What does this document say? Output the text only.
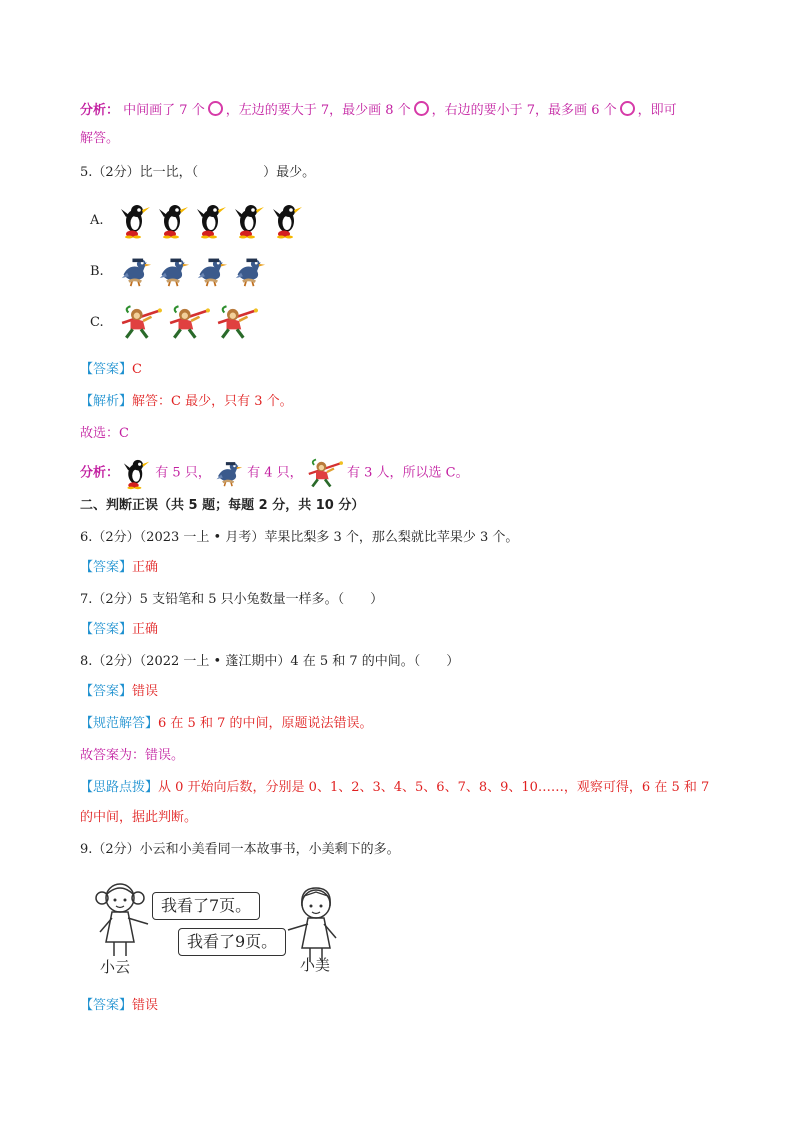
分析： 中间画了 7 个 ，左边的要大于 7，最少画 8 个 ，右边的要小于 7，最多画 6 个 ，即可
解答。
5.（2分）比一比，（　　　　　）最少。
A.
B.
C.
【答案】C
【解析】解答：C 最少，只有 3 个。
故选：C
分析：	有 5 只，	有 4 只，	有 3 人，所以选 C。
二、判断正误（共 5 题；每题 2 分，共 10 分）
6.（2分）（2023 一上 • 月考）苹果比梨多 3 个，那么梨就比苹果少 3 个。
【答案】正确
7.（2分）5 支铅笔和 5 只小兔数量一样多。（　　）
【答案】正确
8.（2分）（2022 一上 • 蓬江期中）4 在 5 和 7 的中间。（　　）
【答案】错误
【规范解答】6 在 5 和 7 的中间，原题说法错误。
故答案为：错误。
【思路点拨】从 0 开始向后数，分别是 0、1、2、3、4、5、6、7、8、9、10……，观察可得，6 在 5 和 7
的中间，据此判断。
9.（2分）小云和小美看同一本故事书，小美剩下的多。
我看了7页。
我看了9页。
小云	小美
【答案】错误
